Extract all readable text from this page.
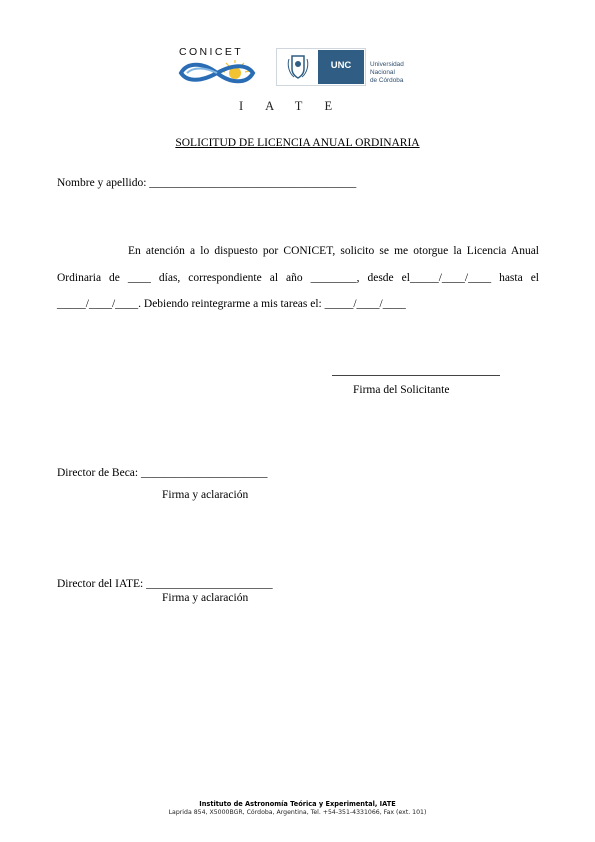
CONICET
UNC	Universidad
Nacional
de Córdoba
IATE
SOLICITUD DE LICENCIA ANUAL ORDINARIA
Nombre y apellido: ____________________________________
En atención a lo dispuesto por CONICET, solicito se me otorgue la Licencia Anual Ordinaria de ____ días, correspondiente al año ________, desde el_____/____/____ hasta el _____/____/____. Debiendo reintegrarme a mis tareas el: _____/____/____
Firma del Solicitante
Director de Beca: ______________________
Firma y aclaración
Director del IATE: ______________________
Firma y aclaración
Instituto de Astronomía Teórica y Experimental, IATE
Laprida 854, X5000BGR, Córdoba, Argentina, Tel. +54-351-4331066, Fax (ext. 101)
